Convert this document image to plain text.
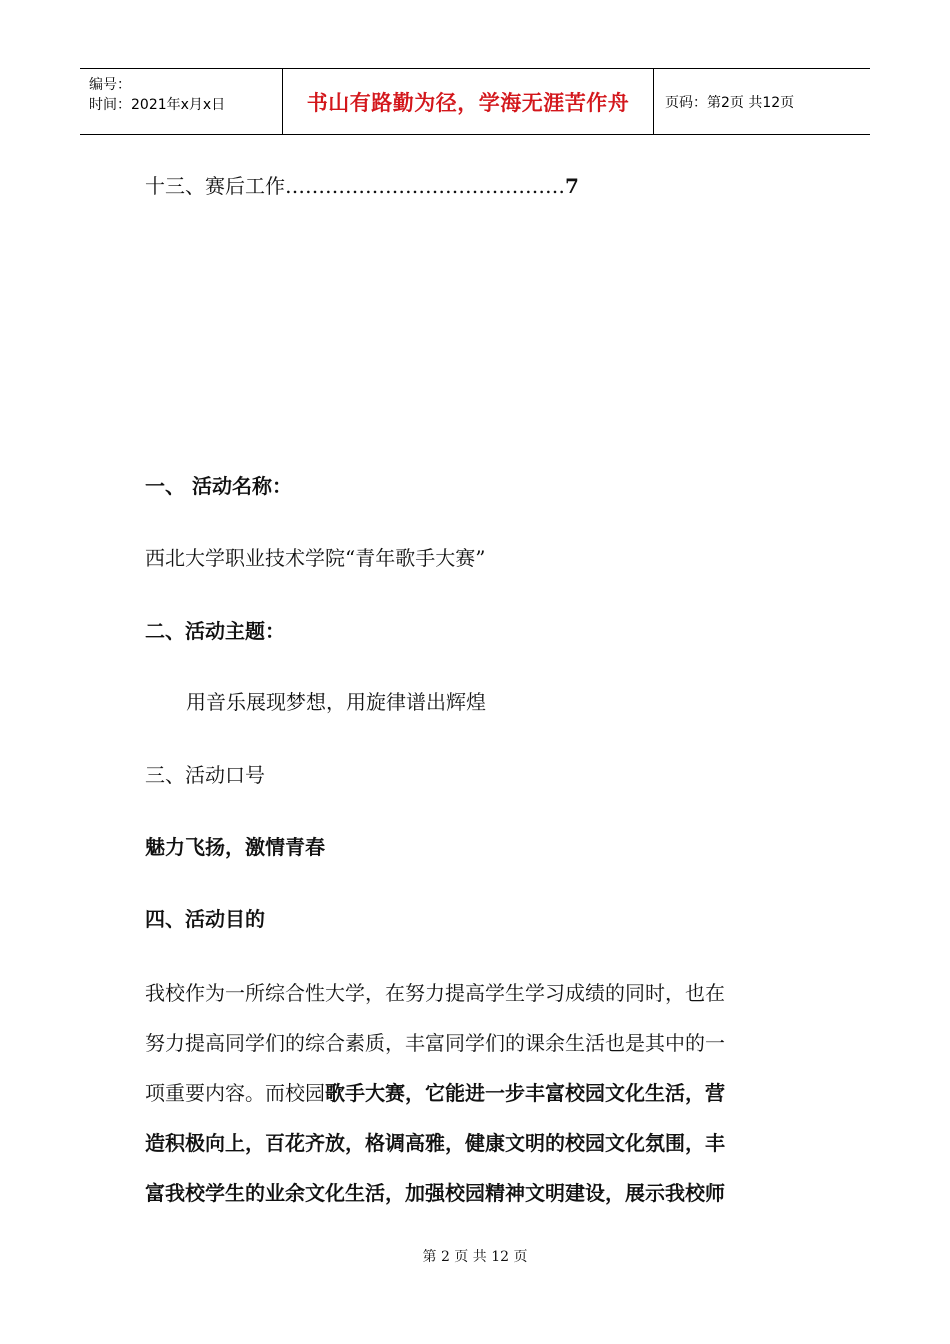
编号：
时间：2021年x月x日	书山有路勤为径，学海无涯苦作舟	页码：第2页 共12页
十三、赛后工作……………………………………7
一、 活动名称：
西北大学职业技术学院“青年歌手大赛”
二、活动主题：
用音乐展现梦想，用旋律谱出辉煌
三、活动口号
魅力飞扬，激情青春
四、活动目的
我校作为一所综合性大学，在努力提高学生学习成绩的同时，也在
努力提高同学们的综合素质，丰富同学们的课余生活也是其中的一
项重要内容。而校园歌手大赛，它能进一步丰富校园文化生活，营
造积极向上，百花齐放，格调高雅，健康文明的校园文化氛围，丰
富我校学生的业余文化生活，加强校园精神文明建设，展示我校师
第 2 页 共 12 页
